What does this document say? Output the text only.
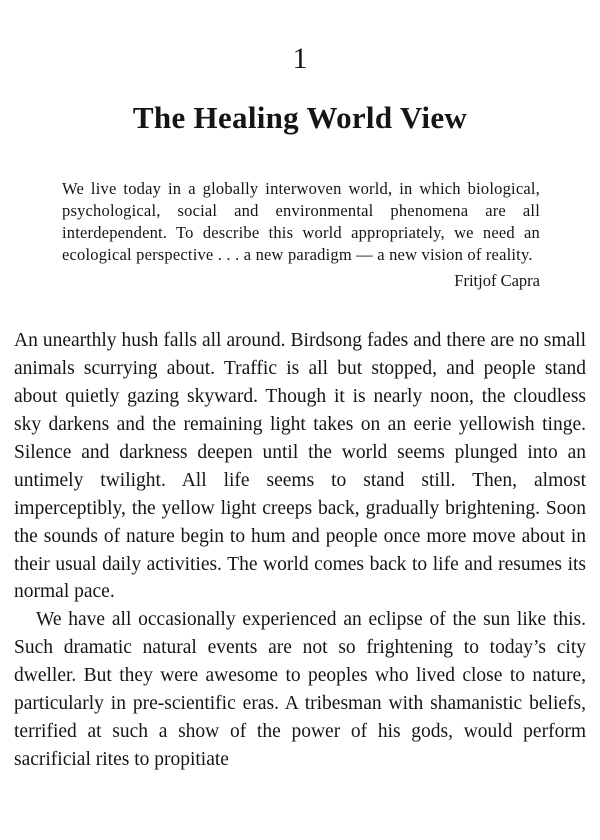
1
The Healing World View
We live today in a globally interwoven world, in which biological, psychological, social and environmental phenomena are all interdependent. To describe this world appropriately, we need an ecological perspective . . . a new paradigm — a new vision of reality.
Fritjof Capra

An unearthly hush falls all around. Birdsong fades and there are no small animals scurrying about. Traffic is all but stopped, and people stand about quietly gazing skyward. Though it is nearly noon, the cloudless sky darkens and the remaining light takes on an eerie yellowish tinge. Silence and darkness deepen until the world seems plunged into an untimely twilight. All life seems to stand still. Then, almost imperceptibly, the yellow light creeps back, gradually brightening. Soon the sounds of nature begin to hum and people once more move about in their usual daily activities. The world comes back to life and resumes its normal pace.

We have all occasionally experienced an eclipse of the sun like this. Such dramatic natural events are not so frightening to today’s city dweller. But they were awesome to peoples who lived close to nature, particularly in pre-scientific eras. A tribesman with shamanistic beliefs, terrified at such a show of the power of his gods, would perform sacrificial rites to propitiate
